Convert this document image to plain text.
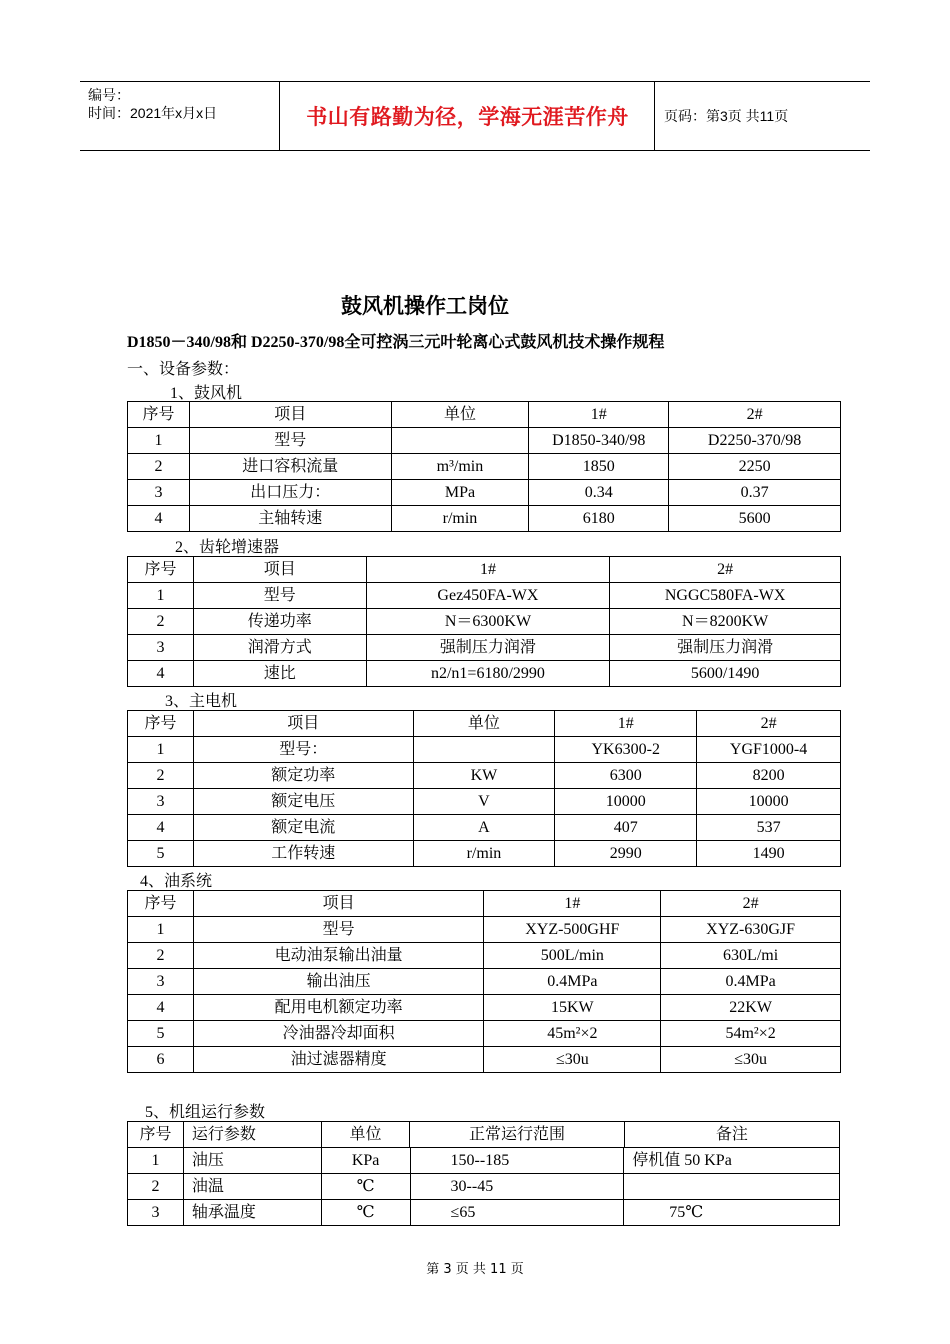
编号：
时间：2021年x月x日	书山有路勤为径，学海无涯苦作舟	页码：第3页 共11页
鼓风机操作工岗位
D1850－340/98和 D2250-370/98全可控涡三元叶轮离心式鼓风机技术操作规程
一、设备参数：
1、鼓风机
序号	项目	单位	1#	2#
1	型号		D1850-340/98	D2250-370/98
2	进口容积流量	m³/min	1850	2250
3	出口压力：	MPa	0.34	0.37
4	主轴转速	r/min	6180	5600
2、齿轮增速器
序号	项目	1#	2#
1	型号	Gez450FA-WX	NGGC580FA-WX
2	传递功率	N＝6300KW	N＝8200KW
3	润滑方式	强制压力润滑	强制压力润滑
4	速比	n2/n1=6180/2990	5600/1490
3、主电机
序号	项目	单位	1#	2#
1	型号：		YK6300-2	YGF1000-4
2	额定功率	KW	6300	8200
3	额定电压	V	10000	10000
4	额定电流	A	407	537
5	工作转速	r/min	2990	1490
4、油系统
序号	项目	1#	2#
1	型号	XYZ-500GHF	XYZ-630GJF
2	电动油泵输出油量	500L/min	630L/mi
3	输出油压	0.4MPa	0.4MPa
4	配用电机额定功率	15KW	22KW
5	冷油器冷却面积	45m²×2	54m²×2
6	油过滤器精度	≤30u	≤30u
5、机组运行参数
序号	运行参数	单位	正常运行范围	备注
1	油压	KPa	150--185	停机值 50 KPa
2	油温	℃	30--45	
3	轴承温度	℃	≤65	75℃
第 3 页 共 11 页
